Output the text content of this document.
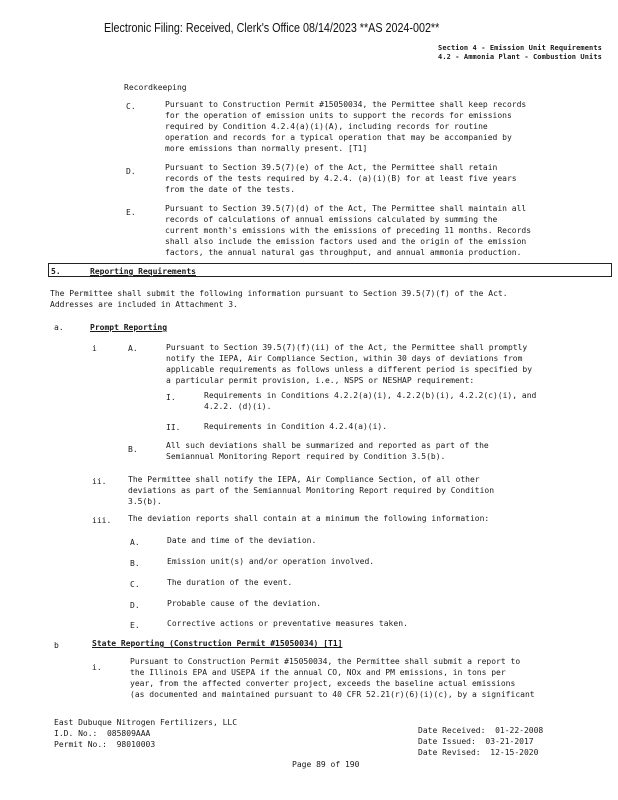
Electronic Filing: Received, Clerk's Office 08/14/2023 **AS 2024-002**
Section 4 - Emission Unit Requirements
4.2 - Ammonia Plant - Combustion Units
Recordkeeping
C.	Pursuant to Construction Permit #15050034, the Permittee shall keep records
for the operation of emission units to support the records for emissions
required by Condition 4.2.4(a)(i)(A), including records for routine
operation and records for a typical operation that may be accompanied by
more emissions than normally present. [T1]
D.	Pursuant to Section 39.5(7)(e) of the Act, the Permittee shall retain
records of the tests required by 4.2.4. (a)(i)(B) for at least five years
from the date of the tests.
E.	Pursuant to Section 39.5(7)(d) of the Act, The Permittee shall maintain all
records of calculations of annual emissions calculated by summing the
current month's emissions with the emissions of preceding 11 months. Records
shall also include the emission factors used and the origin of the emission
factors, the annual natural gas throughput, and annual ammonia production.
5.	Reporting Requirements
The Permittee shall submit the following information pursuant to Section 39.5(7)(f) of the Act.
Addresses are included in Attachment 3.
a.	Prompt Reporting
i	A.	Pursuant to Section 39.5(7)(f)(ii) of the Act, the Permittee shall promptly
notify the IEPA, Air Compliance Section, within 30 days of deviations from
applicable requirements as follows unless a different period is specified by
a particular permit provision, i.e., NSPS or NESHAP requirement:
I.	Requirements in Conditions 4.2.2(a)(i), 4.2.2(b)(i), 4.2.2(c)(i), and
4.2.2. (d)(i).
II.	Requirements in Condition 4.2.4(a)(i).
B.	All such deviations shall be summarized and reported as part of the
Semiannual Monitoring Report required by Condition 3.5(b).
ii.	The Permittee shall notify the IEPA, Air Compliance Section, of all other
deviations as part of the Semiannual Monitoring Report required by Condition
3.5(b).
iii. The deviation reports shall contain at a minimum the following information:
A.	Date and time of the deviation.
B.	Emission unit(s) and/or operation involved.
C.	The duration of the event.
D.	Probable cause of the deviation.
E.	Corrective actions or preventative measures taken.
b	State Reporting (Construction Permit #15050034) [T1]
i.
Pursuant to Construction Permit #15050034, the Permittee shall submit a report to
the Illinois EPA and USEPA if the annual CO, NOx and PM emissions, in tons per
year, from the affected converter project, exceeds the baseline actual emissions
(as documented and maintained pursuant to 40 CFR 52.21(r)(6)(i)(c), by a significant
East Dubuque Nitrogen Fertilizers, LLC
I.D. No.:  085809AAA
Permit No.:  98010003
Date Received:  01-22-2008
Date Issued:  03-21-2017
Date Revised:  12-15-2020
Page 89 of 190
